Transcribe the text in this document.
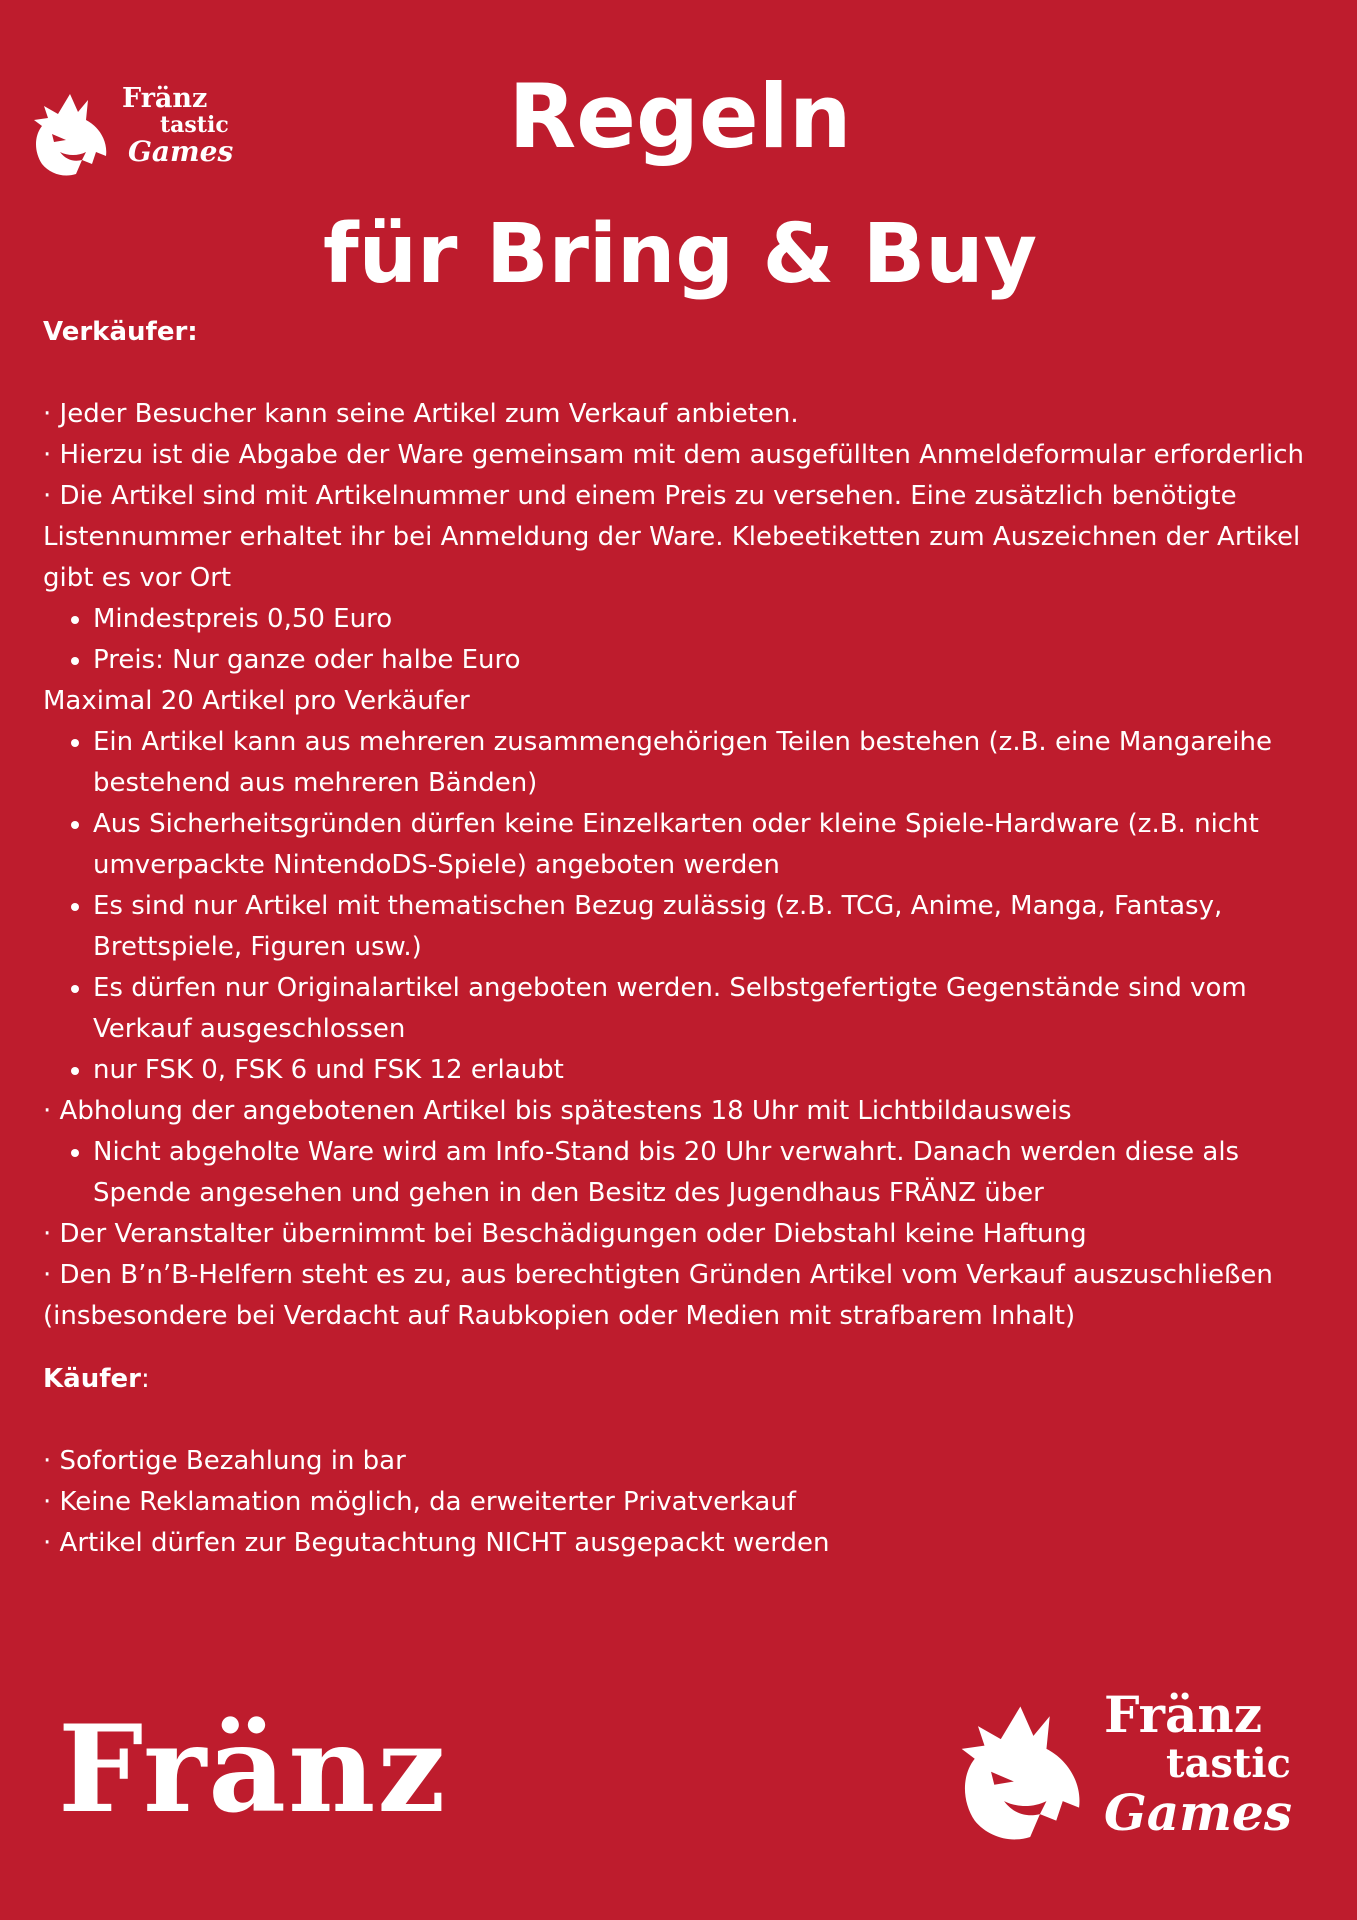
Fränz
tastic
Games	Regeln
für Bring & Buy

Verkäufer:

· Jeder Besucher kann seine Artikel zum Verkauf anbieten.

· Hierzu ist die Abgabe der Ware gemeinsam mit dem ausgefüllten Anmeldeformular erforderlich

· Die Artikel sind mit Artikelnummer und einem Preis zu versehen. Eine zusätzlich benötigte Listennummer erhaltet ihr bei Anmeldung der Ware. Klebeetiketten zum Auszeichnen der Artikel gibt es vor Ort

• Mindestpreis 0,50 Euro
• Preis: Nur ganze oder halbe Euro

Maximal 20 Artikel pro Verkäufer

• Ein Artikel kann aus mehreren zusammengehörigen Teilen bestehen (z.B. eine Mangareihe bestehend aus mehreren Bänden)
• Aus Sicherheitsgründen dürfen keine Einzelkarten oder kleine Spiele-Hardware (z.B. nicht umverpackte NintendoDS-Spiele) angeboten werden
• Es sind nur Artikel mit thematischen Bezug zulässig (z.B. TCG, Anime, Manga, Fantasy, Brettspiele, Figuren usw.)
• Es dürfen nur Originalartikel angeboten werden. Selbstgefertigte Gegenstände sind vom Verkauf ausgeschlossen
• nur FSK 0, FSK 6 und FSK 12 erlaubt

· Abholung der angebotenen Artikel bis spätestens 18 Uhr mit Lichtbildausweis

• Nicht abgeholte Ware wird am Info-Stand bis 20 Uhr verwahrt. Danach werden diese als Spende angesehen und gehen in den Besitz des Jugendhaus FRÄNZ über

· Der Veranstalter übernimmt bei Beschädigungen oder Diebstahl keine Haftung

· Den B’n’B-Helfern steht es zu, aus berechtigten Gründen Artikel vom Verkauf auszuschließen (insbesondere bei Verdacht auf Raubkopien oder Medien mit strafbarem Inhalt)

Käufer:

· Sofortige Bezahlung in bar

· Keine Reklamation möglich, da erweiterter Privatverkauf

· Artikel dürfen zur Begutachtung NICHT ausgepackt werden

Fränz	Fränz
tastic
Games
